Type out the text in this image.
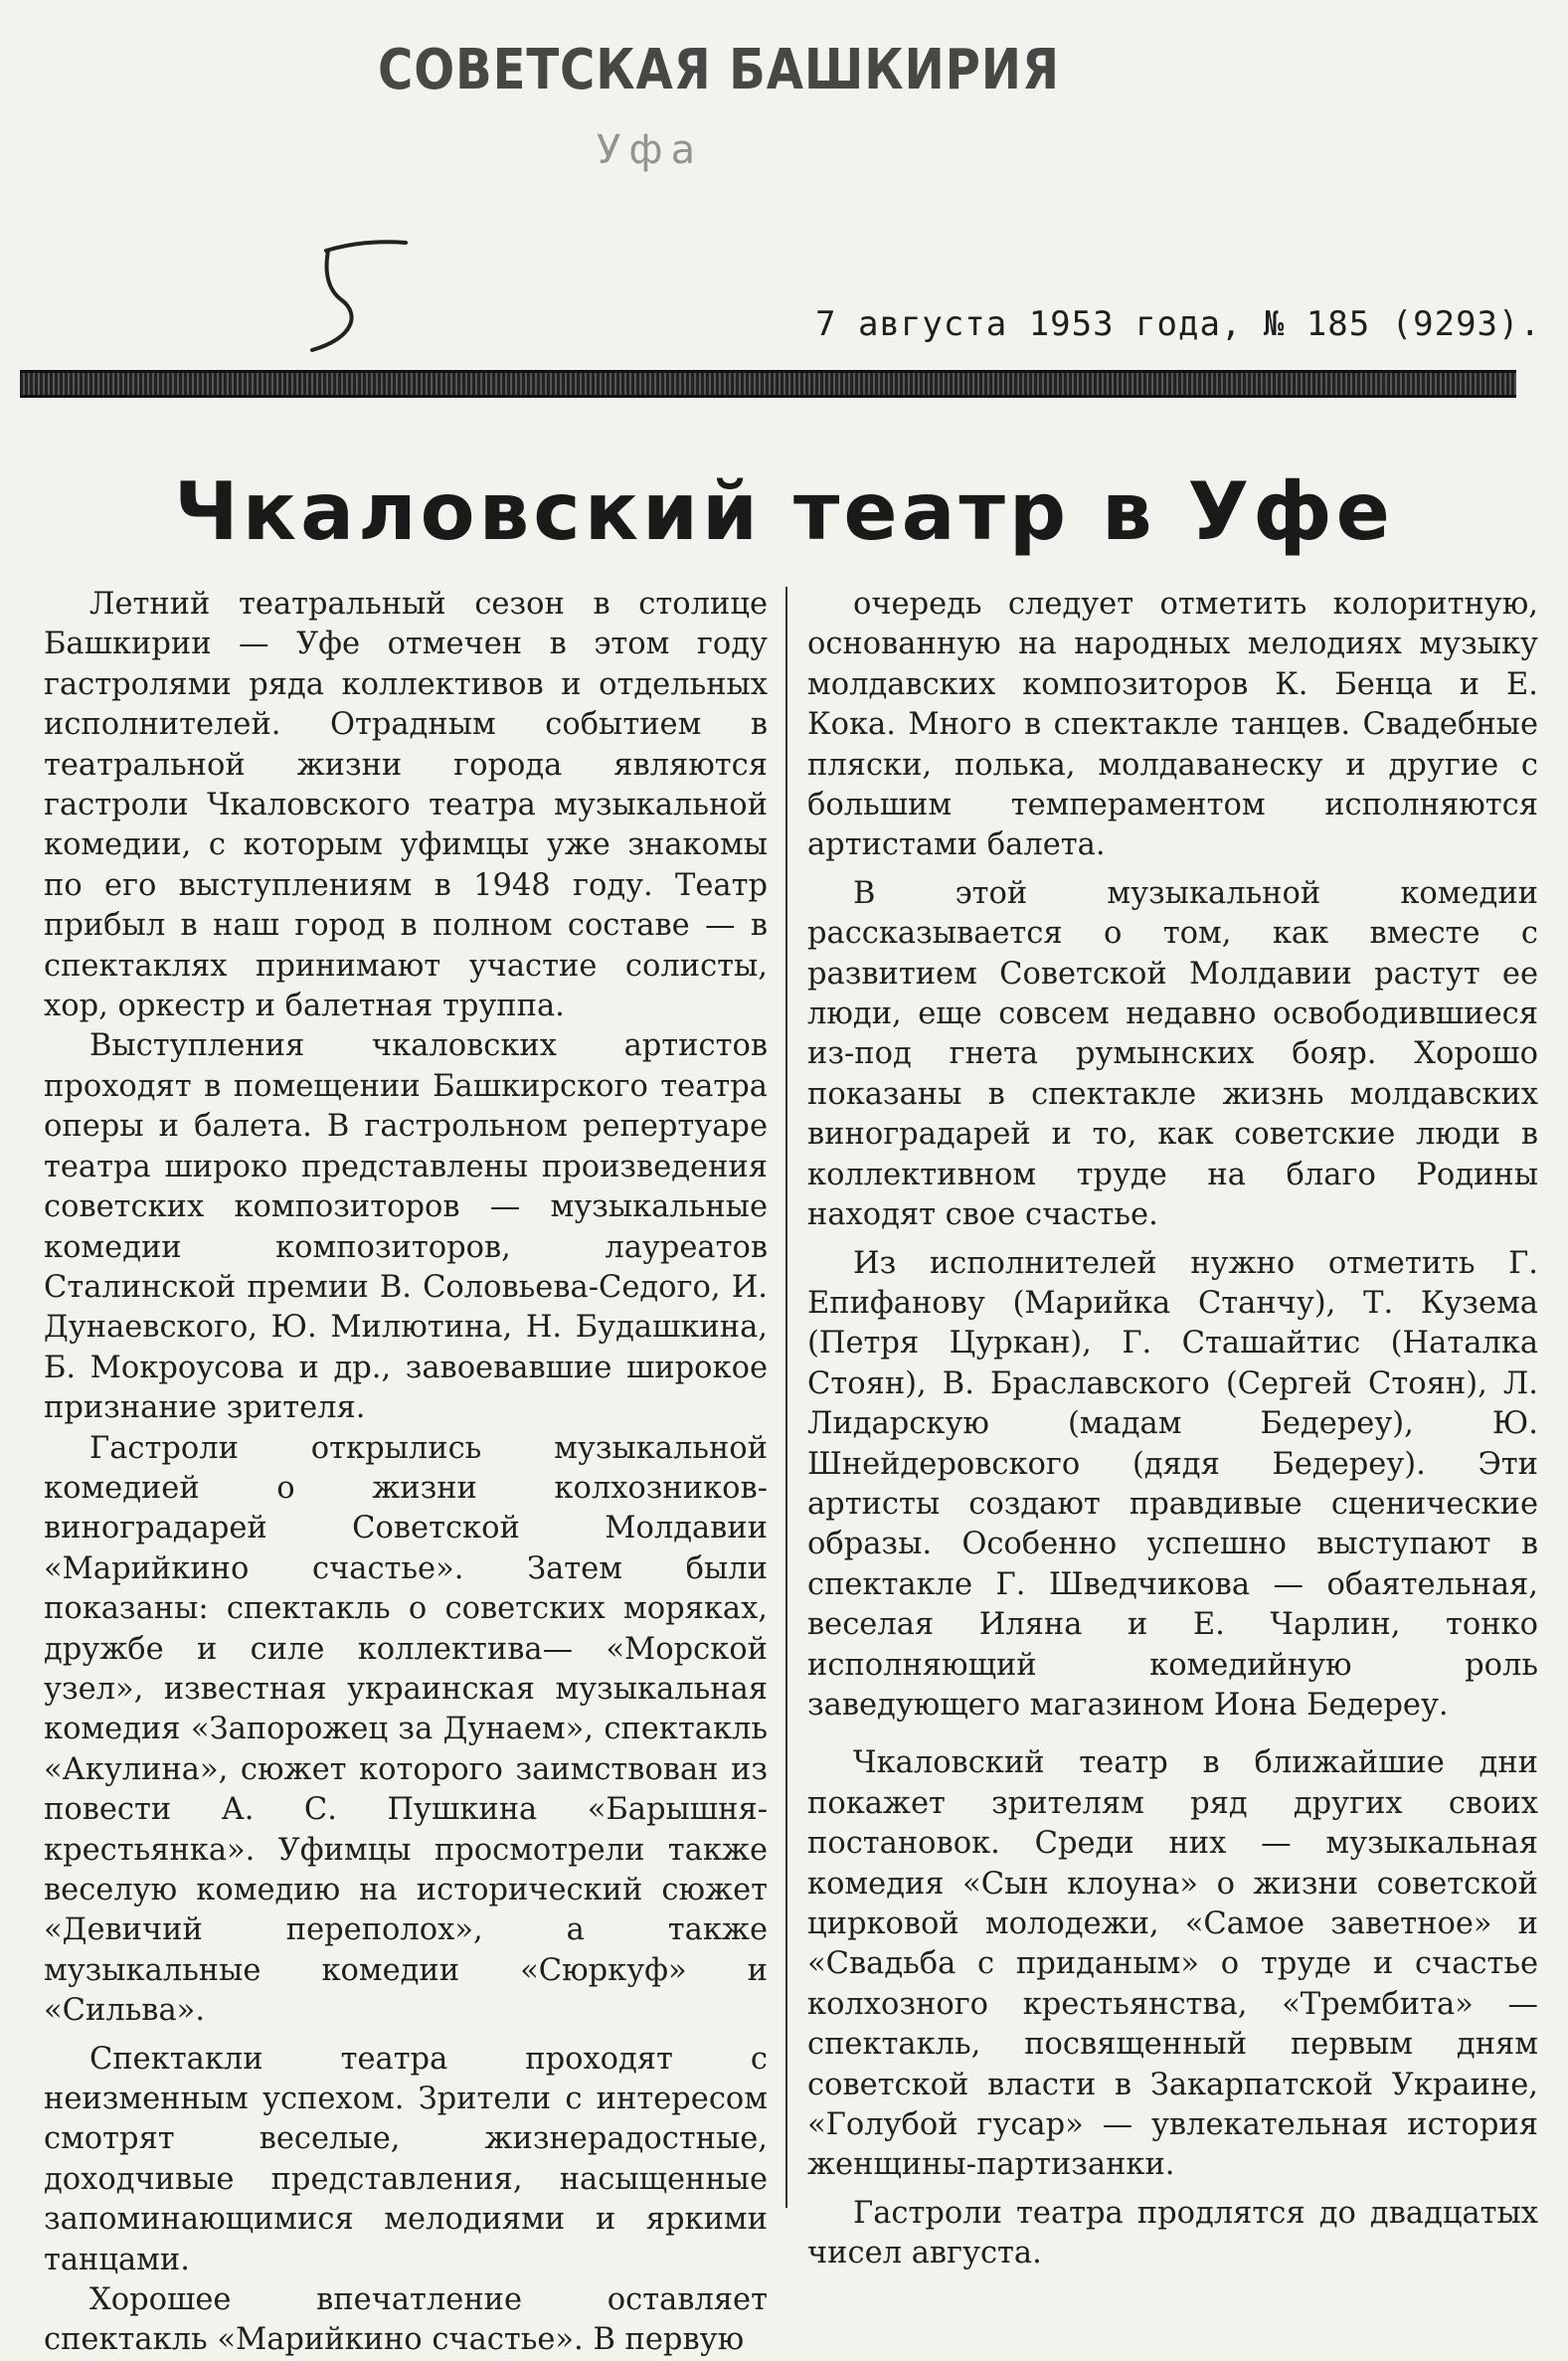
СОВЕТСКАЯ БАШКИРИЯ
Уфа
7 августа 1953 года, № 185 (9293).
Чкаловский театр в Уфе

Летний театральный сезон в столице Башкирии — Уфе отмечен в этом году гастролями ряда коллективов и отдельных исполнителей. Отрадным событием в театральной жизни города являются гастроли Чкаловского театра музыкальной комедии, с которым уфимцы уже знакомы по его выступлениям в 1948 году. Театр прибыл в наш город в полном составе — в спектаклях принимают участие солисты, хор, оркестр и балетная труппа.

Выступления чкаловских артистов проходят в помещении Башкирского театра оперы и балета. В гастрольном репертуаре театра широко представлены произведения советских композиторов — музыкальные комедии композиторов, лауреатов Сталинской премии В. Соловьева-Седого, И. Дунаевского, Ю. Милютина, Н. Будашкина, Б. Мокроусова и др., завоевавшие широкое признание зрителя.

Гастроли открылись музыкальной комедией о жизни колхозников-виноградарей Советской Молдавии «Марийкино счастье». Затем были показаны: спектакль о советских моряках, дружбе и силе коллектива— «Морской узел», известная украинская музыкальная комедия «Запорожец за Дунаем», спектакль «Акулина», сюжет которого заимствован из повести А. С. Пушкина «Барышня-крестьянка». Уфимцы просмотрели также веселую комедию на исторический сюжет «Девичий переполох», а также музыкальные комедии «Сюркуф» и «Сильва».

Спектакли театра проходят с неизменным успехом. Зрители с интересом смотрят веселые, жизнерадостные, доходчивые представления, насыщенные запоминающимися мелодиями и яркими танцами.

Хорошее впечатление оставляет спектакль «Марийкино счастье». В первую

очередь следует отметить колоритную, основанную на народных мелодиях музыку молдавских композиторов К. Бенца и Е. Кока. Много в спектакле танцев. Свадебные пляски, полька, молдаванеску и другие с большим темпераментом исполняются артистами балета.

В этой музыкальной комедии рассказывается о том, как вместе с развитием Советской Молдавии растут ее люди, еще совсем недавно освободившиеся из-под гнета румынских бояр. Хорошо показаны в спектакле жизнь молдавских виноградарей и то, как советские люди в коллективном труде на благо Родины находят свое счастье.

Из исполнителей нужно отметить Г. Епифанову (Марийка Станчу), Т. Кузема (Петря Цуркан), Г. Сташайтис (Наталка Стоян), В. Браславского (Сергей Стоян), Л. Лидарскую (мадам Бедереу), Ю. Шнейдеровского (дядя Бедереу). Эти артисты создают правдивые сценические образы. Особенно успешно выступают в спектакле Г. Шведчикова — обаятельная, веселая Иляна и Е. Чарлин, тонко исполняющий комедийную роль заведующего магазином Иона Бедереу.

Чкаловский театр в ближайшие дни покажет зрителям ряд других своих постановок. Среди них — музыкальная комедия «Сын клоуна» о жизни советской цирковой молодежи, «Самое заветное» и «Свадьба с приданым» о труде и счастье колхозного крестьянства, «Трембита» — спектакль, посвященный первым дням советской власти в Закарпатской Украине, «Голубой гусар» — увлекательная история женщины-партизанки.

Гастроли театра продлятся до двадцатых чисел августа.
